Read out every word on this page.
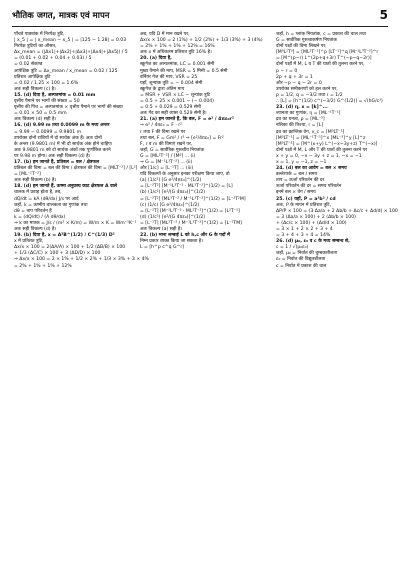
भौतिक जगत, मात्रक एवं मापन	5
पाँचवे पाठ्यांक में निरपेक्ष त्रुटि,
| x_5 | = | x_mean − x_5 | = |125 − 1.28| = 0.03
निरपेक्ष त्रुटियों का औसत,
Δx_mean = (|Δx1|+|Δx2|+|Δx3|+|Δx4|+|Δx5|) / 5
= (0.01 + 0.02 + 0.04 + 0.03) / 5
= 0.02 सेकण्ड
आपेक्षिक त्रुटि = Δx_mean / x_mean = 0.02 / 125
प्रतिशत आपेक्षिक त्रुटि
= 0.02 / 1.25 × 100 = 1.6%
अतः सही विकल्प (c) है।
15. (d) दिया है, अल्पतमांक = 0.01 mm
वृत्तीय पैमाने पर भागों की संख्या = 50
वृत्तीय की पिच = अल्पतमांक × वृत्तीय पैमाने पर भागों की संख्या
= 0.01 × 50 = 0.5 mm
अतः विकल्प (d) सही है।
16. (d) 9.99 m तथा 0.0099 m के मध्य अन्तर
= 9.99 − 0.0099 = 9.9801 m
उपरोक्त दोनों राशियों में दो सार्थक अंक हैं। अतः दोनों
के अन्तर (9.9801 m) में भी दो सार्थक अंक होने चाहिए।
अतः 9.9801 m को दो सार्थक अंकों तक पूर्णांकित करने
पर 9.98 m होगा। अतः सही विकल्प (d) है।
17. (b) हम जानते हैं, प्रतिबल = बल / क्षेत्रफल
प्रतिबल की विमा = बल की विमा / क्षेत्रफल की विमा = [MLT⁻²] / [L²]
= [ML⁻¹T⁻²]
अतः सही विकल्प (b) है।
18. (d) हम जानते हैं, ऊष्मा अनुप्रस्थ काट क्षेत्रफल A वाले
चालक में प्रवाह होता है, तब,
dQ/dt = kA (dθ/dx) J/s पर आर्द
जहाँ, k = ऊष्मीय चालकता का गुणांक तथा
dθ = ताप परिवर्तन हैं
k = (dQ/dt) / (A dθ/dx)
⇒ k का मात्रक = J/s / (m² × K/m) = W/m × K = Wm⁻¹K⁻¹
अतः सही विकल्प (d) है।
19. (b) दिया है, x = A²B^(1/2) / C^(1/3) D³
x में प्रतिशत त्रुटि,
Δx/x × 100 = 2(ΔA/A) × 100 + 1/2 (ΔB/B) × 100
+ 1/3 (ΔC/C) × 100 + 3 (ΔD/D) × 100
⇒ Δx/x × 100 = 2 × 1% + 1/2 × 2% + 1/3 × 3% + 3 × 4%
= 2% + 1% + 1% + 12%
अब, यदि D में मान रखने पर,
Δx/x × 100 = 2 (1%) + 1/2 (2%) + 1/3 (3%) + 3 (4%)
= 2% + 1% + 1% + 12% = 16%
अतः x में अधिकतम प्रतिशत त्रुटि 16% है।
20. (a) दिया है,
स्क्रूगेज का अल्पतमांक, LC = 0.001 सेमी
मुख्य पैमाने की माप, MSR = 5 मिमी = 0.5 सेमी
वर्नियर गेज की माप, VSR = 25
यहाँ, शून्यांक त्रुटि = − 0.004 सेमी
स्क्रूगेज के द्वारा अंतिम माप
= MSR + VSR × LC − शून्यांक त्रुटि
= 0.5 + 25 × 0.001 − (− 0.004)
= 0.5 + 0.029 = 0.529 सेमी
अतः गेंद का सही व्यास 0.529 सेमी है।
21. (a) हम जानते हैं, कि बल, F = e² / 4πε₀r²
⇒ e² / 4πε₀ = F · r²
r तथा F की विमा रखने पर
तथा बल, F = Gm² / r² ⇒ [e²/4πε₀] = Fr²
F, r व m की विमाएं रखने पर,
जहाँ, G = सार्वत्रिक गुरुत्वीय नियतांक
G = [ML³T⁻²] / [M²] ... (i)
⇒ G = [M⁻¹L³T⁻²] ... (ii)
और [1/c] = [L⁻¹T] ... (iii)
यदि विकल्पों के अनुसार इनका परीक्षण किया जाए, तो
(a) (1/c²) [G e²/4πε₀]^(1/2)
= [L⁻²T²] [M⁻¹L³T⁻² · ML³T⁻²]^(1/2) = [L]
(b) (1/c²) [e²/(G 4πε₀)]^(1/2)
= [L⁻²T²] [ML³T⁻² / M⁻¹L³T⁻²]^(1/2) = [L⁻²T²M]
(c) (1/c) [G e²/4πε₀]^(1/2)
= [L⁻¹T] [M⁻¹L³T⁻² · ML³T⁻²]^(1/2) = [L²T⁻¹]
(d) (1/c²) [e²/(G 4πε₀)]^(1/2)
= [L⁻¹T] [ML³T⁻² / M⁻¹L³T⁻²]^(1/2) = [L⁻¹TM]
अतः विकल्प (a) सही है।
22. (b) माना लम्बाई L को h,c और G के पदों में
निम्न प्रकार व्यक्त किया जा सकता है।
L = [h^p c^q G^r]
जहाँ, h = प्लांक नियतांक, c = प्रकाश की चाल तथा
G = सार्वत्रिक गुरुत्वाकर्षण नियतांक
दोनों पक्षों की विमा लिखने पर,
[M⁰L¹T⁰] = [ML²T⁻¹]^p [LT⁻¹]^q [M⁻¹L³T⁻²]^r
= [M^(p−r) L^(2p+q+3r) T^(−p−q−2r)]
दोनों पक्षों में M, L व T की घातों की तुलना करने पर,
p − r = 0
2p + q + 3r = 1
और −p − q − 2r = 0
उपरोक्त समीकरणों को हल करने पर,
p = 1/2, q = −3/2 तथा r = 1/2
∴ [L] = [h^(1/2) c^(−3/2) G^(1/2)] = √(hG/c³)
23. (d) η, x = [k]^...
श्यानता का गुणांक, η = [ML⁻¹T⁻¹]
द्रव का घनत्व, ρ = [ML⁻³]
नलिका की त्रिज्या, r = [L]
द्रव का क्रान्तिक वेग, v_c = [M⁰LT⁻¹]
[M⁰LT⁻¹] = [ML⁻¹T⁻¹]^x [ML⁻³]^y [L]^z
[M⁰LT⁻¹] = [M^(x+y) L^(−x−3y+z) T^(−x)]
दोनों पक्षों में M, L और T की घातों की तुलना करने पर
x + y = 0, −x − 3y + z = 1, −x = −1
x = 1, y = −1, z = −1
24. (d) बल का आवेग = बल × समय
डल्लेरपर्क = बल / समय
ताप = ऊर्जा परिवर्तन की दर
ऊर्जा परिवर्तन की दर = समय परिवर्तन
इनमें बल × वेग / समय
25. (c) यहाँ, P = a³b² / cd
अतः, P के मापन में प्रतिशत त्रुटि,
ΔP/P × 100 = (3 Δa/a + 2 Δb/b + Δc/c + Δd/d) × 100
= 3 (Δa/a × 100) + 2 (Δb/b × 100)
+ (Δc/c × 100) + (Δd/d × 100)
= 3 × 1 + 2 × 2 + 3 + 4
= 3 + 4 + 3 + 4 = 14%
26. (d) μ₀, ε₀ व c के मध्य सम्बन्ध से,
c = 1 / √(μ₀ε₀)
जहाँ, μ₀ = निर्वात की चुम्बकशीलता
ε₀ = निर्वात की विद्युतशीलता
c = निर्वात में प्रकाश की चाल
